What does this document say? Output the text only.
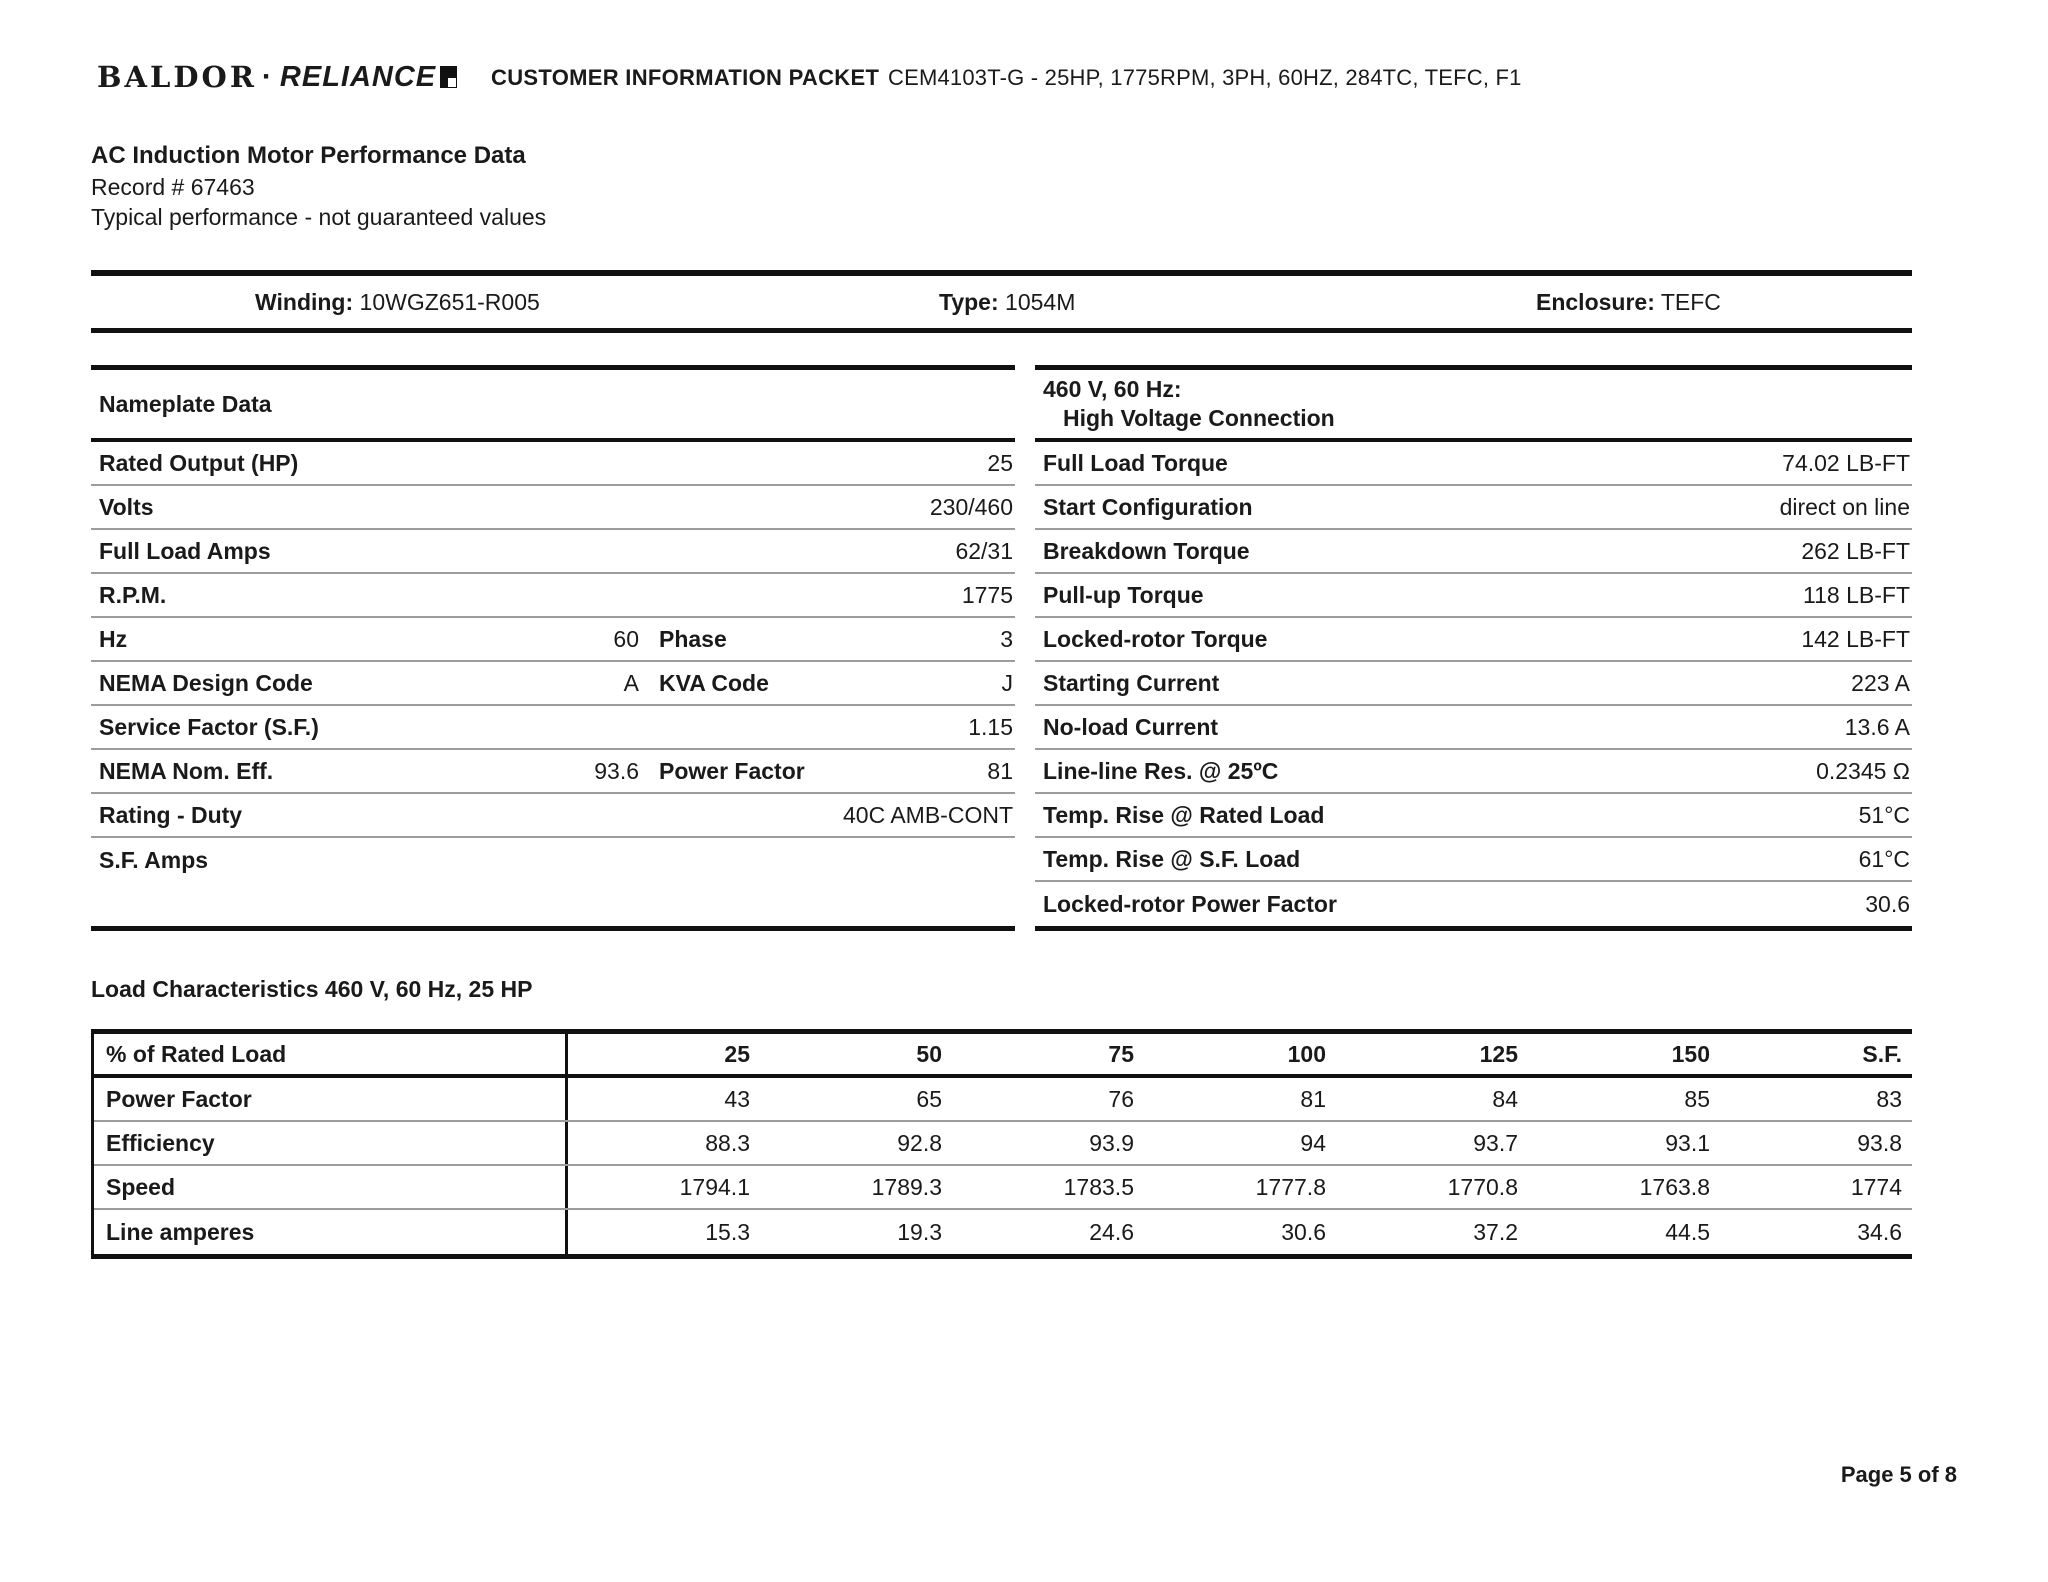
BALDOR · RELIANCE CUSTOMER INFORMATION PACKET CEM4103T-G - 25HP, 1775RPM, 3PH, 60HZ, 284TC, TEFC, F1
AC Induction Motor Performance Data
Record # 67463
Typical performance - not guaranteed values
Winding: 10WGZ651-R005	Type: 1054M	Enclosure: TEFC
Nameplate Data
Rated Output (HP)	25
Volts	230/460
Full Load Amps	62/31
R.P.M.	1775
Hz	60 Phase	3
NEMA Design Code	A KVA Code	J
Service Factor (S.F.)	1.15
NEMA Nom. Eff.	93.6 Power Factor	81
Rating - Duty	40C AMB-CONT
S.F. Amps
460 V, 60 Hz:
High Voltage Connection
Full Load Torque	74.02 LB-FT
Start Configuration	direct on line
Breakdown Torque	262 LB-FT
Pull-up Torque	118 LB-FT
Locked-rotor Torque	142 LB-FT
Starting Current	223 A
No-load Current	13.6 A
Line-line Res. @ 25ºC	0.2345 Ω
Temp. Rise @ Rated Load	51°C
Temp. Rise @ S.F. Load	61°C
Locked-rotor Power Factor	30.6
Load Characteristics 460 V, 60 Hz, 25 HP
% of Rated Load	25	50	75	100	125	150	S.F.
Power Factor	43	65	76	81	84	85	83
Efficiency	88.3	92.8	93.9	94	93.7	93.1	93.8
Speed	1794.1	1789.3	1783.5	1777.8	1770.8	1763.8	1774
Line amperes	15.3	19.3	24.6	30.6	37.2	44.5	34.6
Page 5 of 8
